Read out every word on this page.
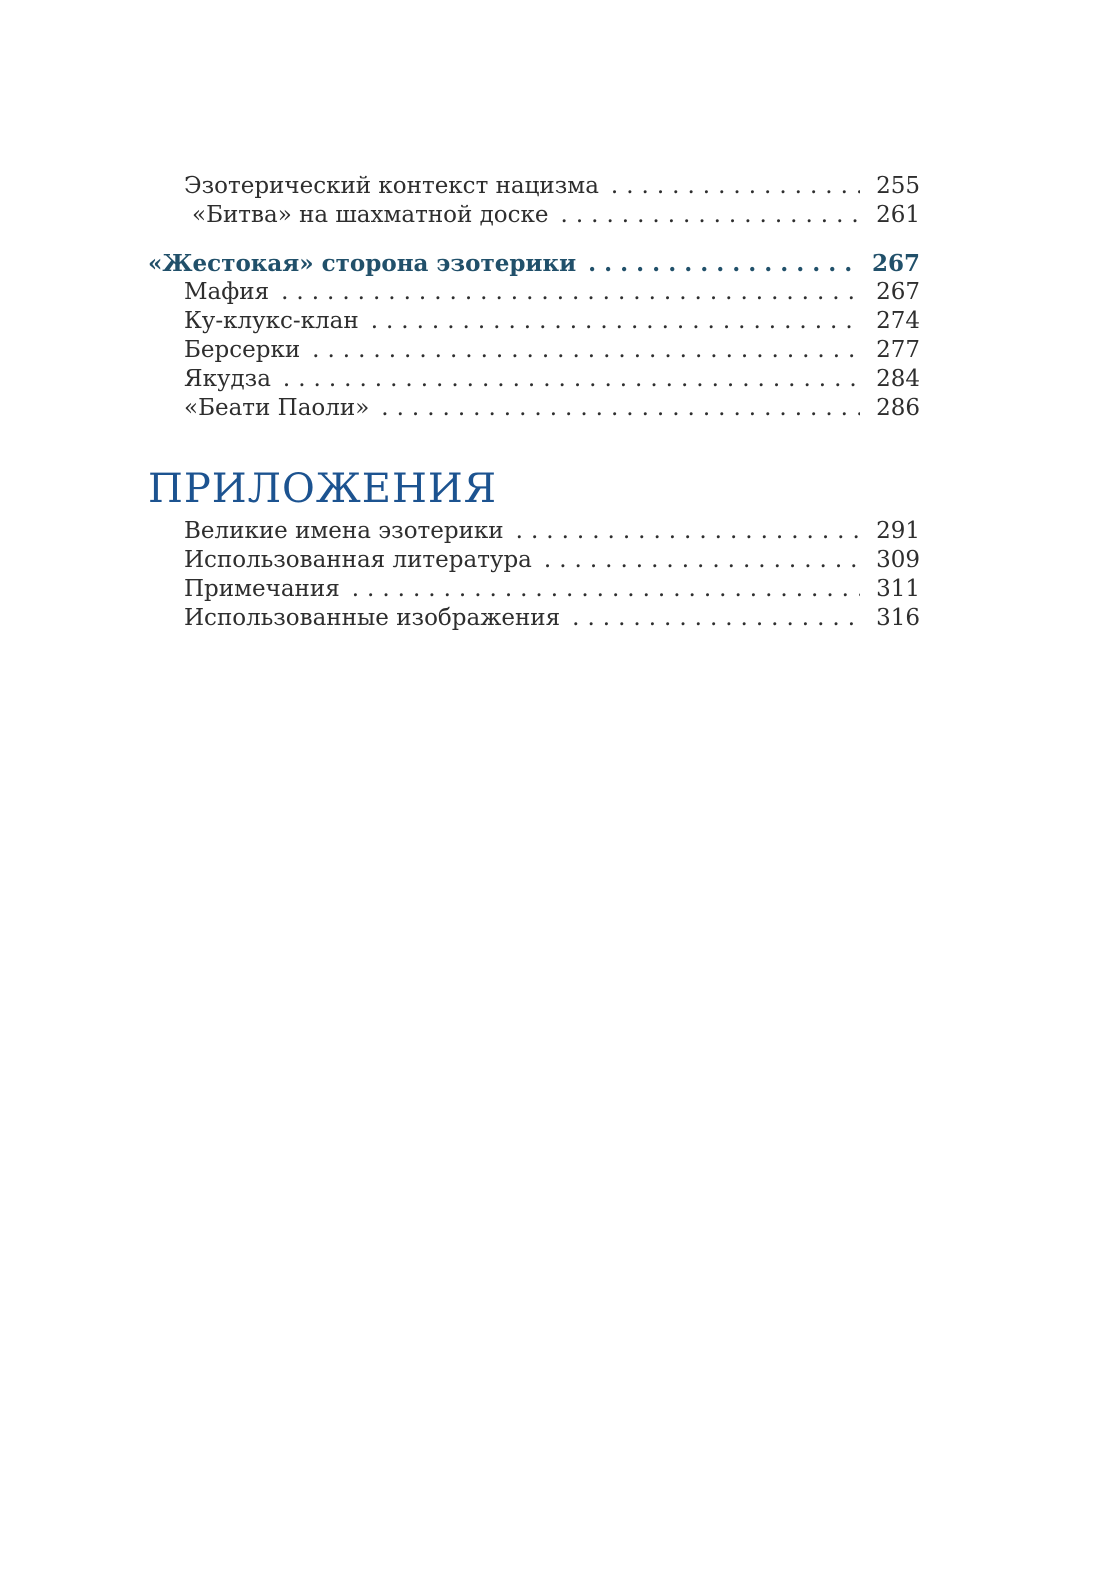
Эзотерический контекст нацизма .....	255
«Битва» на шахматной доске .....	261
«Жестокая» сторона эзотерики .....	267
Мафия .....	267
Ку-клукс-клан .....	274
Берсерки .....	277
Якудза .....	284
«Беати Паоли» .....	286
ПРИЛОЖЕНИЯ
Великие имена эзотерики .....	291
Использованная литература .....	309
Примечания .....	311
Использованные изображения .....	316
